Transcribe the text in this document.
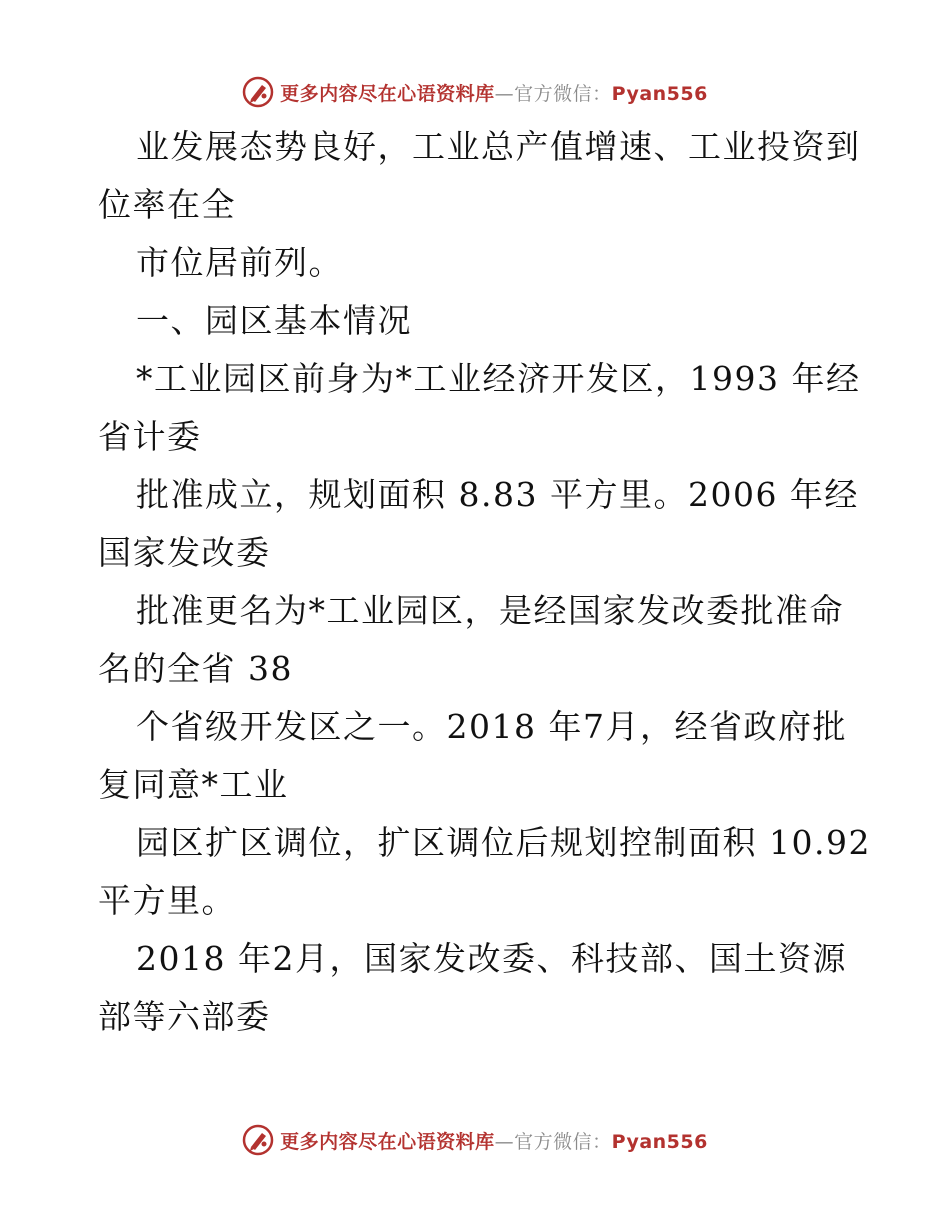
更多内容尽在心语资料库—官方微信：Pyan556
业发展态势良好，工业总产值增速、工业投资到
位率在全
市位居前列。
一、园区基本情况
*工业园区前身为*工业经济开发区，1993 年经
省计委
批准成立，规划面积 8.83 平方里。2006 年经
国家发改委
批准更名为*工业园区，是经国家发改委批准命
名的全省 38
个省级开发区之一。2018 年7月，经省政府批
复同意*工业
园区扩区调位，扩区调位后规划控制面积 10.92
平方里。
2018 年2月，国家发改委、科技部、国土资源
部等六部委
更多内容尽在心语资料库—官方微信：Pyan556
